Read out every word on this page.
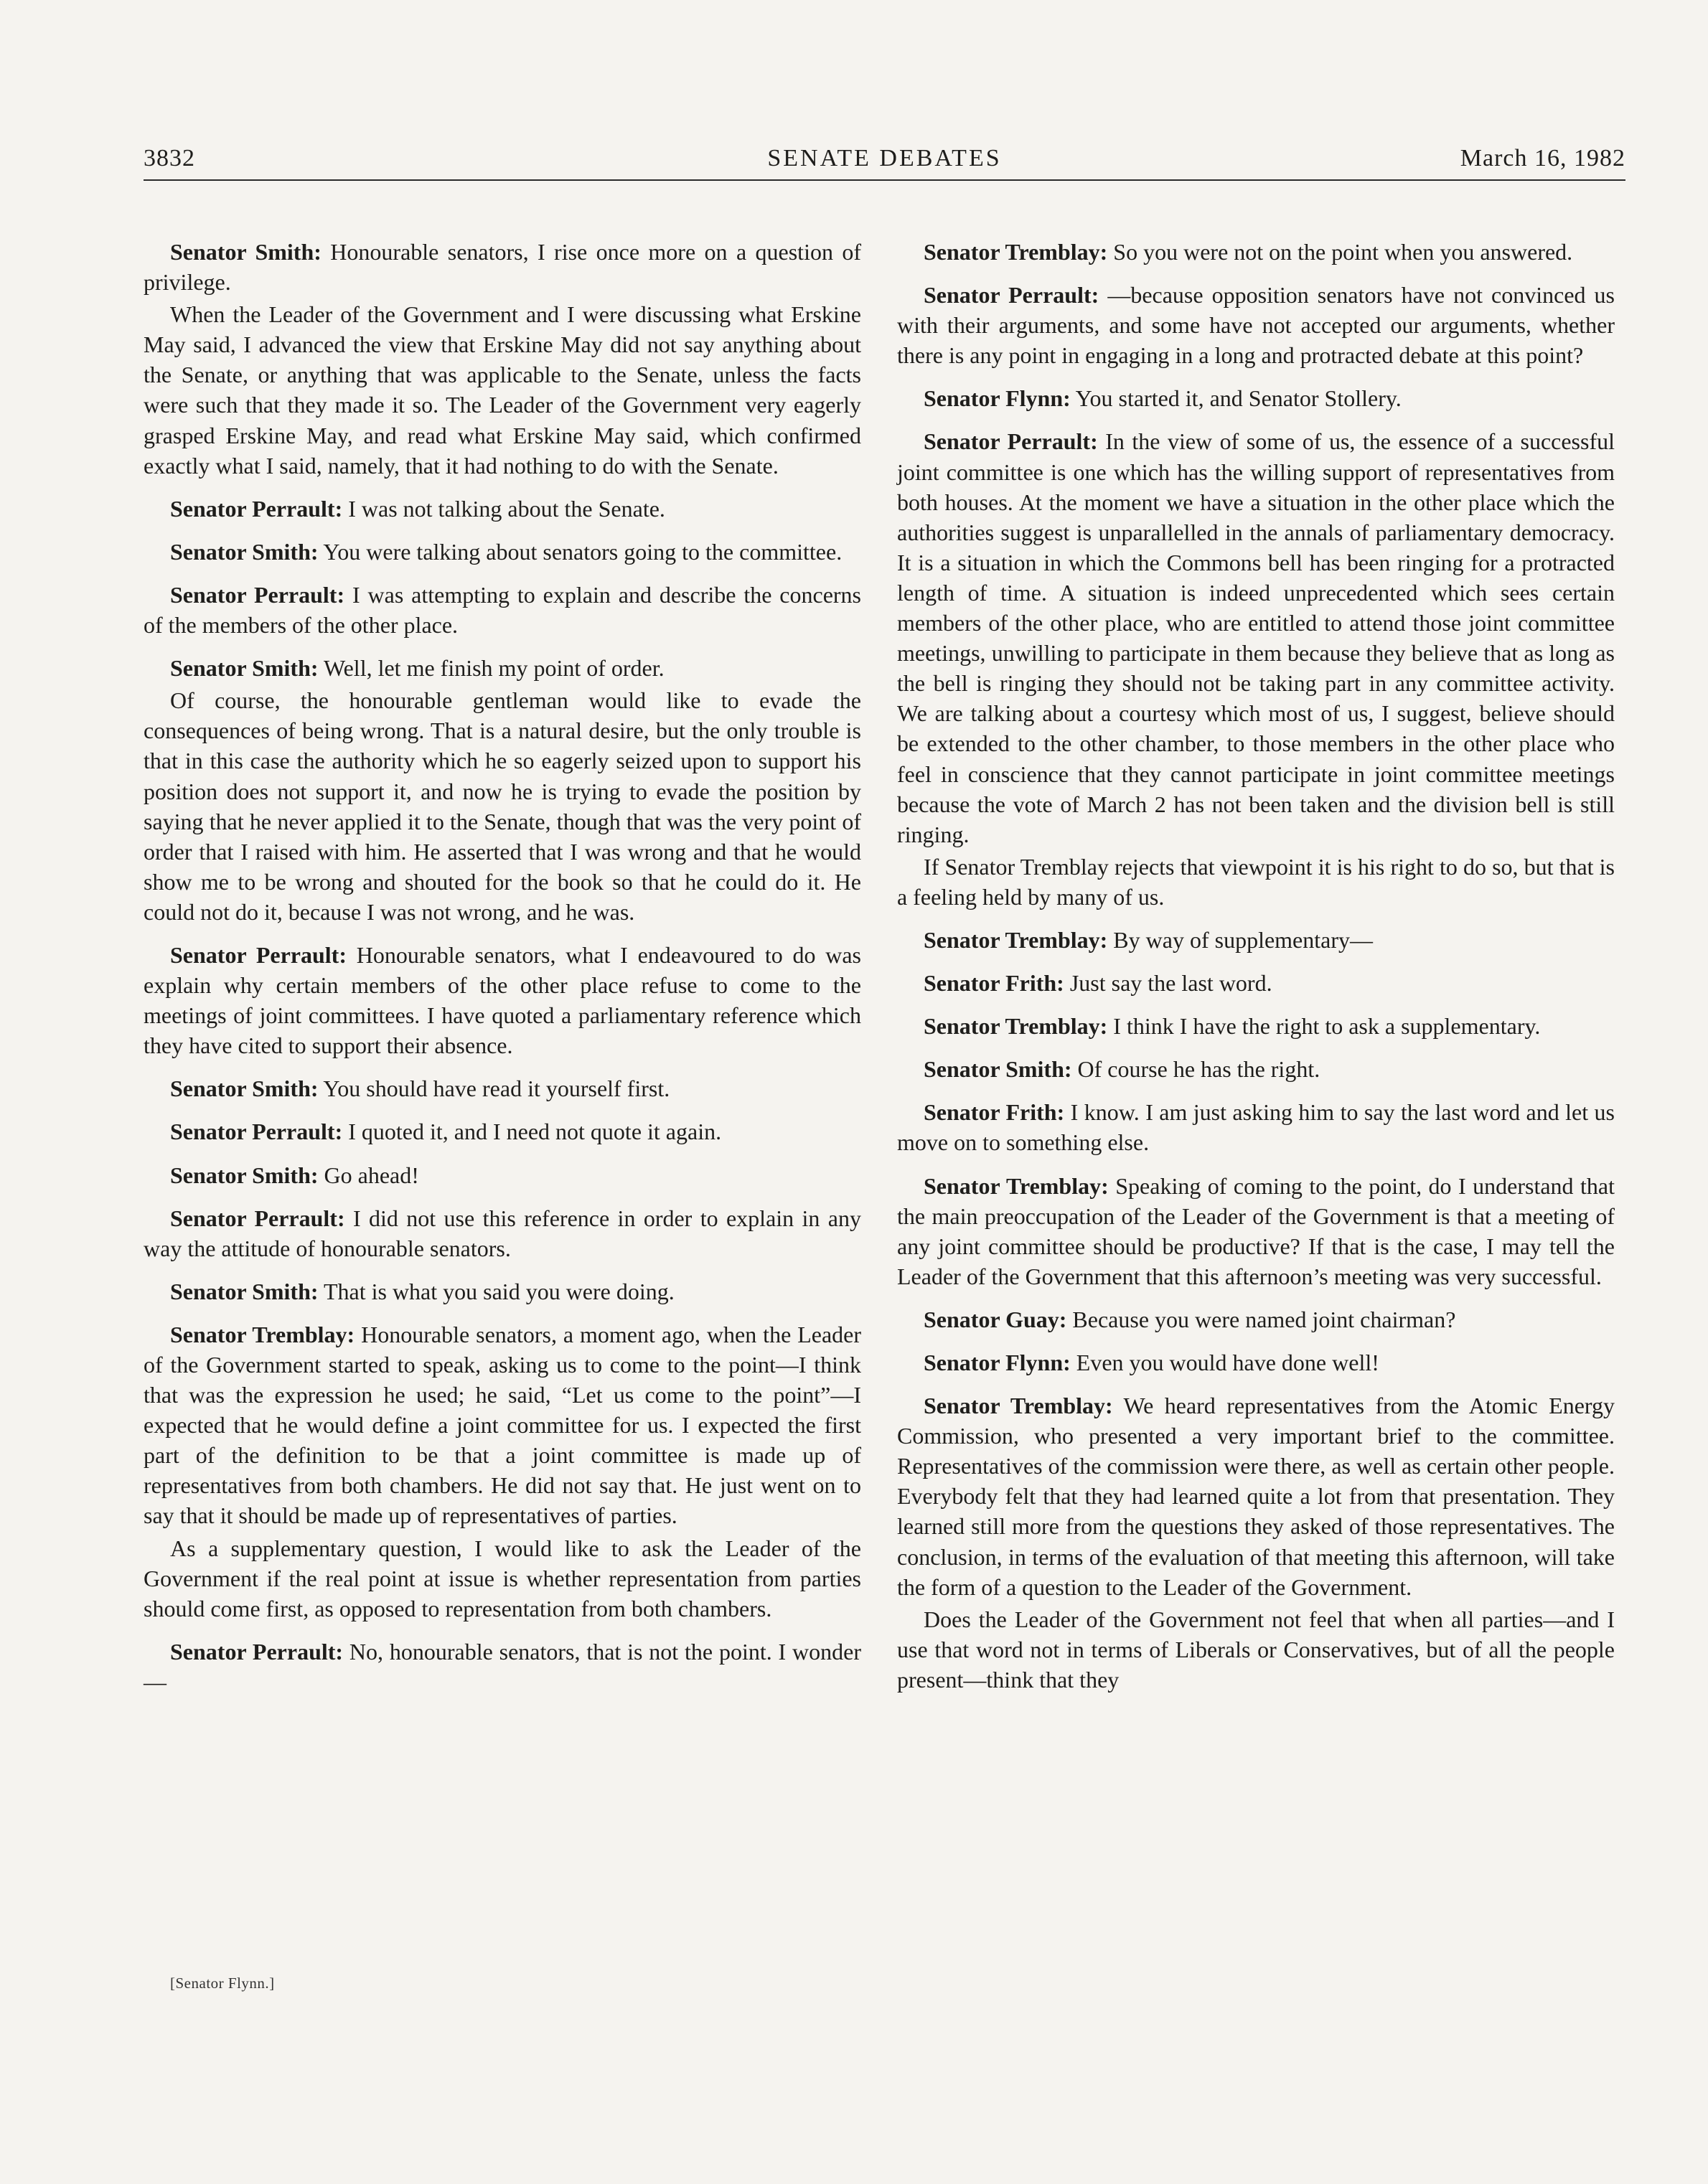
3832	SENATE DEBATES	March 16, 1982

Senator Smith: Honourable senators, I rise once more on a question of privilege.

When the Leader of the Government and I were discussing what Erskine May said, I advanced the view that Erskine May did not say anything about the Senate, or anything that was applicable to the Senate, unless the facts were such that they made it so. The Leader of the Government very eagerly grasped Erskine May, and read what Erskine May said, which confirmed exactly what I said, namely, that it had nothing to do with the Senate.

Senator Perrault: I was not talking about the Senate.

Senator Smith: You were talking about senators going to the committee.

Senator Perrault: I was attempting to explain and describe the concerns of the members of the other place.

Senator Smith: Well, let me finish my point of order.

Of course, the honourable gentleman would like to evade the consequences of being wrong. That is a natural desire, but the only trouble is that in this case the authority which he so eagerly seized upon to support his position does not support it, and now he is trying to evade the position by saying that he never applied it to the Senate, though that was the very point of order that I raised with him. He asserted that I was wrong and that he would show me to be wrong and shouted for the book so that he could do it. He could not do it, because I was not wrong, and he was.

Senator Perrault: Honourable senators, what I endeavoured to do was explain why certain members of the other place refuse to come to the meetings of joint committees. I have quoted a parliamentary reference which they have cited to support their absence.

Senator Smith: You should have read it yourself first.

Senator Perrault: I quoted it, and I need not quote it again.

Senator Smith: Go ahead!

Senator Perrault: I did not use this reference in order to explain in any way the attitude of honourable senators.

Senator Smith: That is what you said you were doing.

Senator Tremblay: Honourable senators, a moment ago, when the Leader of the Government started to speak, asking us to come to the point—I think that was the expression he used; he said, “Let us come to the point”—I expected that he would define a joint committee for us. I expected the first part of the definition to be that a joint committee is made up of representatives from both chambers. He did not say that. He just went on to say that it should be made up of representatives of parties.

As a supplementary question, I would like to ask the Leader of the Government if the real point at issue is whether representation from parties should come first, as opposed to representation from both chambers.

Senator Perrault: No, honourable senators, that is not the point. I wonder—

Senator Tremblay: So you were not on the point when you answered.

Senator Perrault: —because opposition senators have not convinced us with their arguments, and some have not accepted our arguments, whether there is any point in engaging in a long and protracted debate at this point?

Senator Flynn: You started it, and Senator Stollery.

Senator Perrault: In the view of some of us, the essence of a successful joint committee is one which has the willing support of representatives from both houses. At the moment we have a situation in the other place which the authorities suggest is unparallelled in the annals of parliamentary democracy. It is a situation in which the Commons bell has been ringing for a protracted length of time. A situation is indeed unprecedented which sees certain members of the other place, who are entitled to attend those joint committee meetings, unwilling to participate in them because they believe that as long as the bell is ringing they should not be taking part in any committee activity. We are talking about a courtesy which most of us, I suggest, believe should be extended to the other chamber, to those members in the other place who feel in conscience that they cannot participate in joint committee meetings because the vote of March 2 has not been taken and the division bell is still ringing.

If Senator Tremblay rejects that viewpoint it is his right to do so, but that is a feeling held by many of us.

Senator Tremblay: By way of supplementary—

Senator Frith: Just say the last word.

Senator Tremblay: I think I have the right to ask a supplementary.

Senator Smith: Of course he has the right.

Senator Frith: I know. I am just asking him to say the last word and let us move on to something else.

Senator Tremblay: Speaking of coming to the point, do I understand that the main preoccupation of the Leader of the Government is that a meeting of any joint committee should be productive? If that is the case, I may tell the Leader of the Government that this afternoon’s meeting was very successful.

Senator Guay: Because you were named joint chairman?

Senator Flynn: Even you would have done well!

Senator Tremblay: We heard representatives from the Atomic Energy Commission, who presented a very important brief to the committee. Representatives of the commission were there, as well as certain other people. Everybody felt that they had learned quite a lot from that presentation. They learned still more from the questions they asked of those representatives. The conclusion, in terms of the evaluation of that meeting this afternoon, will take the form of a question to the Leader of the Government.

Does the Leader of the Government not feel that when all parties—and I use that word not in terms of Liberals or Conservatives, but of all the people present—think that they

[Senator Flynn.]
